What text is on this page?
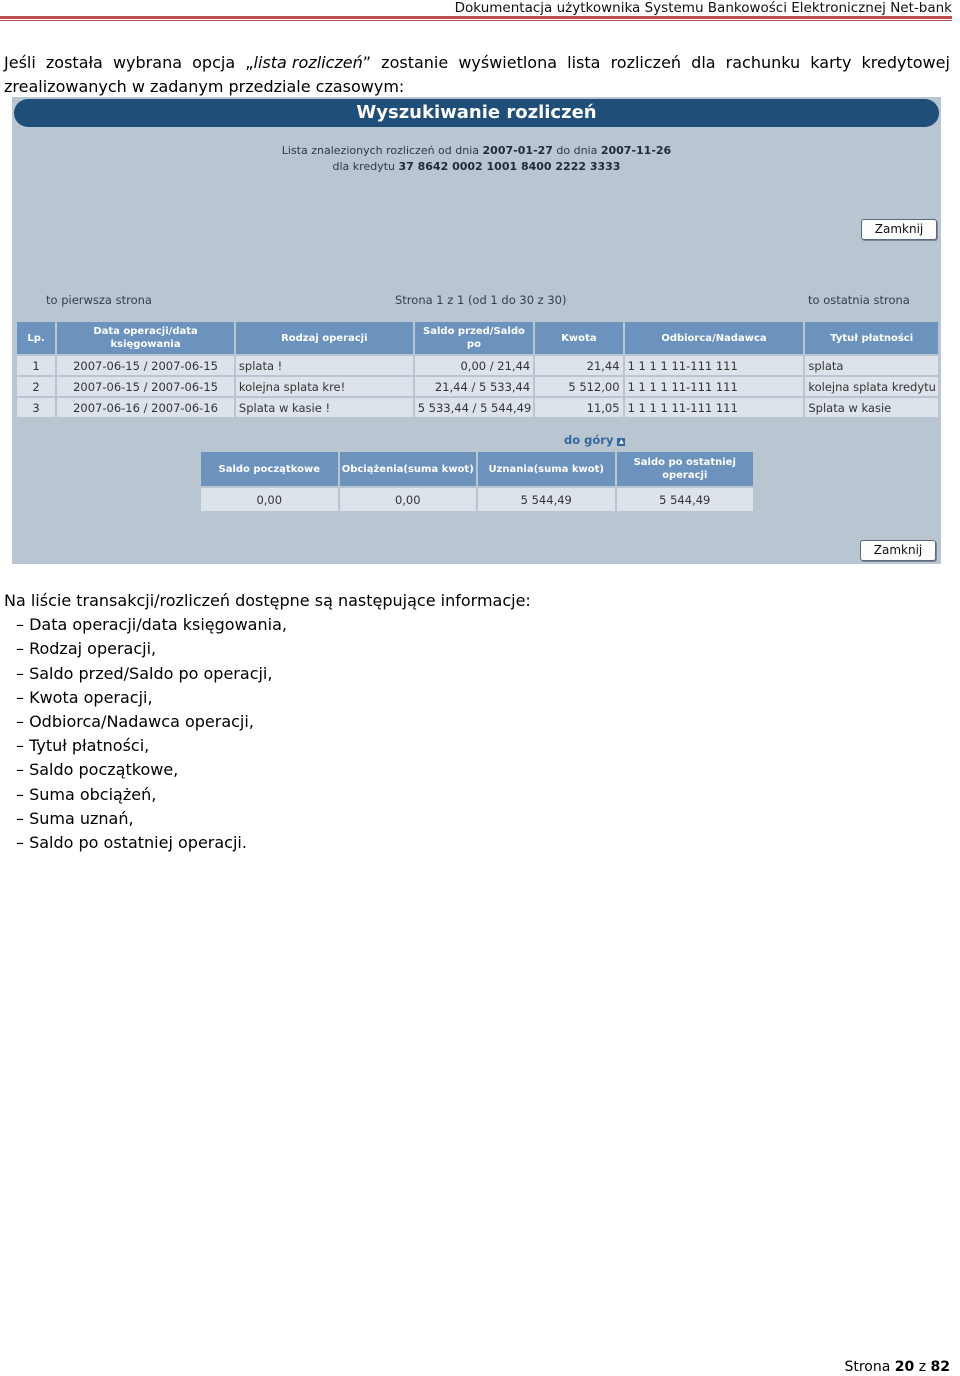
Dokumentacja użytkownika Systemu Bankowości Elektronicznej Net-bank
Jeśli została wybrana opcja „lista rozliczeń” zostanie wyświetlona lista rozliczeń dla rachunku karty kredytowej
zrealizowanych w zadanym przedziale czasowym:
Wyszukiwanie rozliczeń
Lista znalezionych rozliczeń od dnia 2007-01-27 do dnia 2007-11-26
dla kredytu 37 8642 0002 1001 8400 2222 3333
Zamknij
to pierwsza strona	Strona 1 z 1 (od 1 do 30 z 30)	to ostatnia strona
Lp.	Data operacji/data księgowania	Rodzaj operacji	Saldo przed/Saldo po	Kwota	Odbiorca/Nadawca	Tytuł płatności
1	2007-06-15 / 2007-06-15	splata !	0,00 / 21,44	21,44	1 1 1 1 11-111 111	splata
2	2007-06-15 / 2007-06-15	kolejna splata kre!	21,44 / 5 533,44	5 512,00	1 1 1 1 11-111 111	kolejna splata kredytu
3	2007-06-16 / 2007-06-16	Splata w kasie !	5 533,44 / 5 544,49	11,05	1 1 1 1 11-111 111	Splata w kasie
do góry ▲
Saldo początkowe	Obciążenia(suma kwot)	Uznania(suma kwot)	Saldo po ostatniej operacji
0,00	0,00	5 544,49	5 544,49
Zamknij
Na liście transakcji/rozliczeń dostępne są następujące informacje:
– Data operacji/data księgowania,
– Rodzaj operacji,
– Saldo przed/Saldo po operacji,
– Kwota operacji,
– Odbiorca/Nadawca operacji,
– Tytuł płatności,
– Saldo początkowe,
– Suma obciążeń,
– Suma uznań,
– Saldo po ostatniej operacji.
Strona 20 z 82
